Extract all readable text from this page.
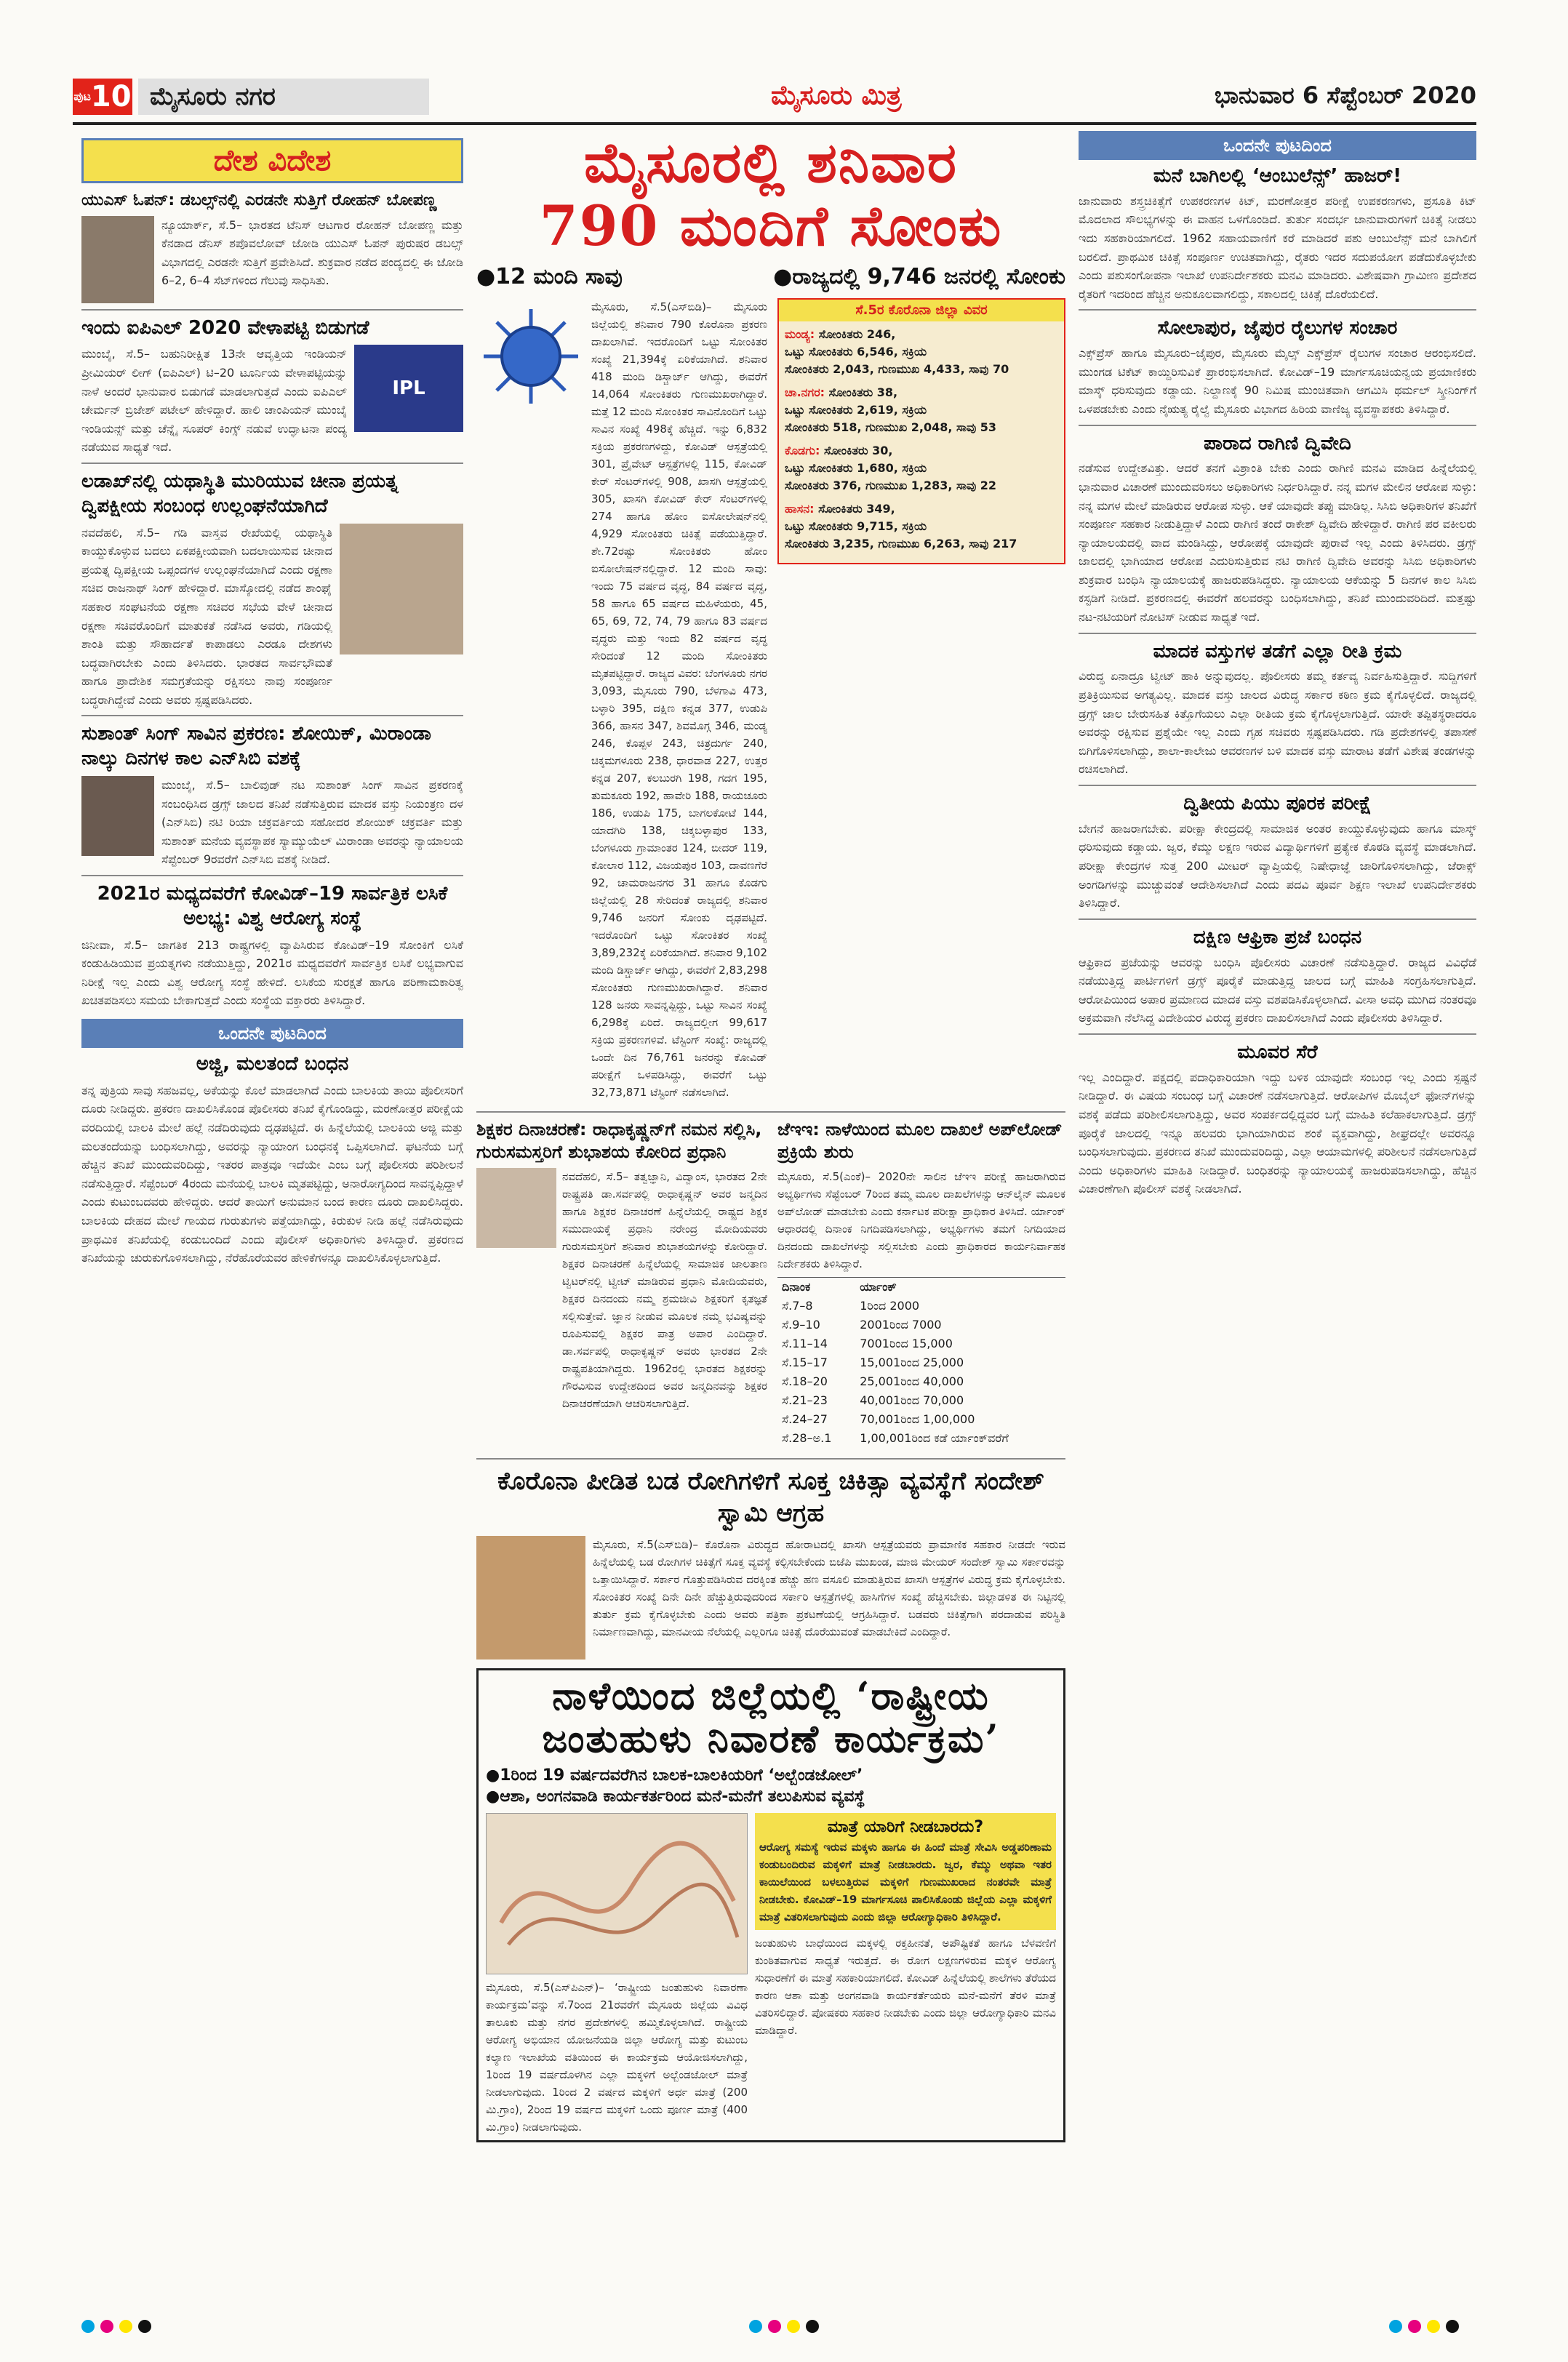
$^{ಪುಟ}$10 ಮೈಸೂರು ನಗರ	ಮೈಸೂರು ಮಿತ್ರ	ಭಾನುವಾರ 6 ಸೆಪ್ಟೆಂಬರ್ 2020
ದೇಶ ವಿದೇಶ
ಯುಎಸ್ ಓಪನ್: ಡಬಲ್ಸ್‌ನಲ್ಲಿ ಎರಡನೇ ಸುತ್ತಿಗೆ ರೋಹನ್ ಬೋಪಣ್ಣ
ನ್ಯೂಯಾರ್ಕ್, ಸೆ.5– ಭಾರತದ ಟೆನಿಸ್ ಆಟಗಾರ ರೋಹನ್ ಬೋಪಣ್ಣ ಮತ್ತು ಕೆನಡಾದ ಡೆನಿಸ್ ಶಪೊವಲೋವ್ ಜೋಡಿ ಯುಎಸ್ ಓಪನ್ ಪುರುಷರ ಡಬಲ್ಸ್ ವಿಭಾಗದಲ್ಲಿ ಎರಡನೇ ಸುತ್ತಿಗೆ ಪ್ರವೇಶಿಸಿದೆ. ಶುಕ್ರವಾರ ನಡೆದ ಪಂದ್ಯದಲ್ಲಿ ಈ ಜೋಡಿ 6–2, 6–4 ಸೆಟ್‌ಗಳಿಂದ ಗೆಲುವು ಸಾಧಿಸಿತು.
ಇಂದು ಐಪಿಎಲ್ 2020 ವೇಳಾಪಟ್ಟಿ ಬಿಡುಗಡೆ
ಮುಂಬೈ, ಸೆ.5– ಬಹುನಿರೀಕ್ಷಿತ 13ನೇ ಆವೃತ್ತಿಯ ಇಂಡಿಯನ್ ಪ್ರೀಮಿಯರ್ ಲೀಗ್ (ಐಪಿಎಲ್) ಟಿ–20 ಟೂರ್ನಿಯ ವೇಳಾಪಟ್ಟಿಯನ್ನು ನಾಳೆ ಅಂದರೆ ಭಾನುವಾರ ಬಿಡುಗಡೆ ಮಾಡಲಾಗುತ್ತದೆ ಎಂದು ಐಪಿಎಲ್ ಚೇರ್ಮನ್ ಬ್ರಿಜೇಶ್ ಪಟೇಲ್ ಹೇಳಿದ್ದಾರೆ. ಹಾಲಿ ಚಾಂಪಿಯನ್ ಮುಂಬೈ ಇಂಡಿಯನ್ಸ್ ಮತ್ತು ಚೆನ್ನೈ ಸೂಪರ್ ಕಿಂಗ್ಸ್ ನಡುವೆ ಉದ್ಘಾಟನಾ ಪಂದ್ಯ ನಡೆಯುವ ಸಾಧ್ಯತೆ ಇದೆ.
IPL
ಲಡಾಖ್‌ನಲ್ಲಿ ಯಥಾಸ್ಥಿತಿ ಮುರಿಯುವ ಚೀನಾ ಪ್ರಯತ್ನ ದ್ವಿಪಕ್ಷೀಯ ಸಂಬಂಧ ಉಲ್ಲಂಘನೆಯಾಗಿದೆ
ನವದೆಹಲಿ, ಸೆ.5– ಗಡಿ ವಾಸ್ತವ ರೇಖೆಯಲ್ಲಿ ಯಥಾಸ್ಥಿತಿ ಕಾಯ್ದುಕೊಳ್ಳುವ ಬದಲು ಏಕಪಕ್ಷೀಯವಾಗಿ ಬದಲಾಯಿಸುವ ಚೀನಾದ ಪ್ರಯತ್ನ ದ್ವಿಪಕ್ಷೀಯ ಒಪ್ಪಂದಗಳ ಉಲ್ಲಂಘನೆಯಾಗಿದೆ ಎಂದು ರಕ್ಷಣಾ ಸಚಿವ ರಾಜನಾಥ್ ಸಿಂಗ್ ಹೇಳಿದ್ದಾರೆ. ಮಾಸ್ಕೋದಲ್ಲಿ ನಡೆದ ಶಾಂಘೈ ಸಹಕಾರ ಸಂಘಟನೆಯ ರಕ್ಷಣಾ ಸಚಿವರ ಸಭೆಯ ವೇಳೆ ಚೀನಾದ ರಕ್ಷಣಾ ಸಚಿವರೊಂದಿಗೆ ಮಾತುಕತೆ ನಡೆಸಿದ ಅವರು, ಗಡಿಯಲ್ಲಿ ಶಾಂತಿ ಮತ್ತು ಸೌಹಾರ್ದತೆ ಕಾಪಾಡಲು ಎರಡೂ ದೇಶಗಳು ಬದ್ಧವಾಗಿರಬೇಕು ಎಂದು ತಿಳಿಸಿದರು. ಭಾರತದ ಸಾರ್ವಭೌಮತೆ ಹಾಗೂ ಪ್ರಾದೇಶಿಕ ಸಮಗ್ರತೆಯನ್ನು ರಕ್ಷಿಸಲು ನಾವು ಸಂಪೂರ್ಣ ಬದ್ಧರಾಗಿದ್ದೇವೆ ಎಂದು ಅವರು ಸ್ಪಷ್ಟಪಡಿಸಿದರು.
ಸುಶಾಂತ್ ಸಿಂಗ್ ಸಾವಿನ ಪ್ರಕರಣ: ಶೋಯಿಕ್, ಮಿರಾಂಡಾ ನಾಲ್ಕು ದಿನಗಳ ಕಾಲ ಎನ್‌ಸಿಬಿ ವಶಕ್ಕೆ
ಮುಂಬೈ, ಸೆ.5– ಬಾಲಿವುಡ್ ನಟ ಸುಶಾಂತ್ ಸಿಂಗ್ ಸಾವಿನ ಪ್ರಕರಣಕ್ಕೆ ಸಂಬಂಧಿಸಿದ ಡ್ರಗ್ಸ್ ಜಾಲದ ತನಿಖೆ ನಡೆಸುತ್ತಿರುವ ಮಾದಕ ವಸ್ತು ನಿಯಂತ್ರಣ ದಳ (ಎನ್‌ಸಿಬಿ) ನಟಿ ರಿಯಾ ಚಕ್ರವರ್ತಿಯ ಸಹೋದರ ಶೋಯಿಕ್ ಚಕ್ರವರ್ತಿ ಮತ್ತು ಸುಶಾಂತ್ ಮನೆಯ ವ್ಯವಸ್ಥಾಪಕ ಸ್ಯಾಮ್ಯುಯೆಲ್ ಮಿರಾಂಡಾ ಅವರನ್ನು ನ್ಯಾಯಾಲಯ ಸೆಪ್ಟೆಂಬರ್ 9ರವರೆಗೆ ಎನ್‌ಸಿಬಿ ವಶಕ್ಕೆ ನೀಡಿದೆ.
2021ರ ಮಧ್ಯದವರೆಗೆ ಕೋವಿಡ್–19 ಸಾರ್ವತ್ರಿಕ ಲಸಿಕೆ ಅಲಭ್ಯ: ವಿಶ್ವ ಆರೋಗ್ಯ ಸಂಸ್ಥೆ
ಜಿನೀವಾ, ಸೆ.5– ಜಾಗತಿಕ 213 ರಾಷ್ಟ್ರಗಳಲ್ಲಿ ವ್ಯಾಪಿಸಿರುವ ಕೋವಿಡ್–19 ಸೋಂಕಿಗೆ ಲಸಿಕೆ ಕಂಡುಹಿಡಿಯುವ ಪ್ರಯತ್ನಗಳು ನಡೆಯುತ್ತಿದ್ದು, 2021ರ ಮಧ್ಯದವರೆಗೆ ಸಾರ್ವತ್ರಿಕ ಲಸಿಕೆ ಲಭ್ಯವಾಗುವ ನಿರೀಕ್ಷೆ ಇಲ್ಲ ಎಂದು ವಿಶ್ವ ಆರೋಗ್ಯ ಸಂಸ್ಥೆ ಹೇಳಿದೆ. ಲಸಿಕೆಯ ಸುರಕ್ಷತೆ ಹಾಗೂ ಪರಿಣಾಮಕಾರಿತ್ವ ಖಚಿತಪಡಿಸಲು ಸಮಯ ಬೇಕಾಗುತ್ತದೆ ಎಂದು ಸಂಸ್ಥೆಯ ವಕ್ತಾರರು ತಿಳಿಸಿದ್ದಾರೆ.
ಒಂದನೇ ಪುಟದಿಂದ
ಅಜ್ಜಿ, ಮಲತಂದೆ ಬಂಧನ
ತನ್ನ ಪುತ್ರಿಯ ಸಾವು ಸಹಜವಲ್ಲ, ಅಕೆಯನ್ನು ಕೊಲೆ ಮಾಡಲಾಗಿದೆ ಎಂದು ಬಾಲಕಿಯ ತಾಯಿ ಪೊಲೀಸರಿಗೆ ದೂರು ನೀಡಿದ್ದರು. ಪ್ರಕರಣ ದಾಖಲಿಸಿಕೊಂಡ ಪೊಲೀಸರು ತನಿಖೆ ಕೈಗೊಂಡಿದ್ದು, ಮರಣೋತ್ತರ ಪರೀಕ್ಷೆಯ ವರದಿಯಲ್ಲಿ ಬಾಲಕಿ ಮೇಲೆ ಹಲ್ಲೆ ನಡೆದಿರುವುದು ದೃಢಪಟ್ಟಿದೆ. ಈ ಹಿನ್ನೆಲೆಯಲ್ಲಿ ಬಾಲಕಿಯ ಅಜ್ಜಿ ಮತ್ತು ಮಲತಂದೆಯನ್ನು ಬಂಧಿಸಲಾಗಿದ್ದು, ಅವರನ್ನು ನ್ಯಾಯಾಂಗ ಬಂಧನಕ್ಕೆ ಒಪ್ಪಿಸಲಾಗಿದೆ. ಘಟನೆಯ ಬಗ್ಗೆ ಹೆಚ್ಚಿನ ತನಿಖೆ ಮುಂದುವರಿದಿದ್ದು, ಇತರರ ಪಾತ್ರವೂ ಇದೆಯೇ ಎಂಬ ಬಗ್ಗೆ ಪೊಲೀಸರು ಪರಿಶೀಲನೆ ನಡೆಸುತ್ತಿದ್ದಾರೆ. ಸೆಪ್ಟೆಂಬರ್ 4ರಂದು ಮನೆಯಲ್ಲಿ ಬಾಲಕಿ ಮೃತಪಟ್ಟಿದ್ದು, ಅನಾರೋಗ್ಯದಿಂದ ಸಾವನ್ನಪ್ಪಿದ್ದಾಳೆ ಎಂದು ಕುಟುಂಬದವರು ಹೇಳಿದ್ದರು. ಆದರೆ ತಾಯಿಗೆ ಅನುಮಾನ ಬಂದ ಕಾರಣ ದೂರು ದಾಖಲಿಸಿದ್ದರು. ಬಾಲಕಿಯ ದೇಹದ ಮೇಲೆ ಗಾಯದ ಗುರುತುಗಳು ಪತ್ತೆಯಾಗಿದ್ದು, ಕಿರುಕುಳ ನೀಡಿ ಹಲ್ಲೆ ನಡೆಸಿರುವುದು ಪ್ರಾಥಮಿಕ ತನಿಖೆಯಲ್ಲಿ ಕಂಡುಬಂದಿದೆ ಎಂದು ಪೊಲೀಸ್ ಅಧಿಕಾರಿಗಳು ತಿಳಿಸಿದ್ದಾರೆ. ಪ್ರಕರಣದ ತನಿಖೆಯನ್ನು ಚುರುಕುಗೊಳಿಸಲಾಗಿದ್ದು, ನೆರೆಹೊರೆಯವರ ಹೇಳಿಕೆಗಳನ್ನೂ ದಾಖಲಿಸಿಕೊಳ್ಳಲಾಗುತ್ತಿದೆ.
ಮೈಸೂರಲ್ಲಿ ಶನಿವಾರ
790 ಮಂದಿಗೆ ಸೋಂಕು
●12 ಮಂದಿ ಸಾವು	●ರಾಜ್ಯದಲ್ಲಿ 9,746 ಜನರಲ್ಲಿ ಸೋಂಕು
ಮೈಸೂರು, ಸೆ.5(ಎಸ್‌ಬಿಡಿ)– ಮೈಸೂರು ಜಿಲ್ಲೆಯಲ್ಲಿ ಶನಿವಾರ 790 ಕೊರೊನಾ ಪ್ರಕರಣ ದಾಖಲಾಗಿವೆ. ಇದರೊಂದಿಗೆ ಒಟ್ಟು ಸೋಂಕಿತರ ಸಂಖ್ಯೆ 21,394ಕ್ಕೆ ಏರಿಕೆಯಾಗಿದೆ. ಶನಿವಾರ 418 ಮಂದಿ ಡಿಸ್ಚಾರ್ಜ್ ಆಗಿದ್ದು, ಈವರೆಗೆ 14,064 ಸೋಂಕಿತರು ಗುಣಮುಖರಾಗಿದ್ದಾರೆ. ಮತ್ತೆ 12 ಮಂದಿ ಸೋಂಕಿತರ ಸಾವಿನೊಂದಿಗೆ ಒಟ್ಟು ಸಾವಿನ ಸಂಖ್ಯೆ 498ಕ್ಕೆ ಹೆಚ್ಚಿದೆ. ಇನ್ನು 6,832 ಸಕ್ರಿಯ ಪ್ರಕರಣಗಳಿದ್ದು, ಕೋವಿಡ್ ಆಸ್ಪತ್ರೆಯಲ್ಲಿ 301, ಪ್ರೈವೇಟ್ ಆಸ್ಪತ್ರೆಗಳಲ್ಲಿ 115, ಕೋವಿಡ್ ಕೇರ್ ಸೆಂಟರ್‌ಗಳಲ್ಲಿ 908, ಖಾಸಗಿ ಆಸ್ಪತ್ರೆಯಲ್ಲಿ 305, ಖಾಸಗಿ ಕೋವಿಡ್ ಕೇರ್ ಸೆಂಟರ್‌ಗಳಲ್ಲಿ 274 ಹಾಗೂ ಹೋಂ ಐಸೋಲೇಷನ್‌ನಲ್ಲಿ 4,929 ಸೋಂಕಿತರು ಚಿಕಿತ್ಸೆ ಪಡೆಯುತ್ತಿದ್ದಾರೆ. ಶೇ.72ರಷ್ಟು ಸೋಂಕಿತರು ಹೋಂ ಐಸೋಲೇಷನ್‌ನಲ್ಲಿದ್ದಾರೆ. 12 ಮಂದಿ ಸಾವು: ಇಂದು 75 ವರ್ಷದ ವೃದ್ಧ, 84 ವರ್ಷದ ವೃದ್ಧ, 58 ಹಾಗೂ 65 ವರ್ಷದ ಮಹಿಳೆಯರು, 45, 65, 69, 72, 74, 79 ಹಾಗೂ 83 ವರ್ಷದ ವೃದ್ಧರು ಮತ್ತು ಇಂದು 82 ವರ್ಷದ ವೃದ್ಧ ಸೇರಿದಂತೆ 12 ಮಂದಿ ಸೋಂಕಿತರು ಮೃತಪಟ್ಟಿದ್ದಾರೆ. ರಾಜ್ಯದ ವಿವರ: ಬೆಂಗಳೂರು ನಗರ 3,093, ಮೈಸೂರು 790, ಬೆಳಗಾವಿ 473, ಬಳ್ಳಾರಿ 395, ದಕ್ಷಿಣ ಕನ್ನಡ 377, ಉಡುಪಿ 366, ಹಾಸನ 347, ಶಿವಮೊಗ್ಗ 346, ಮಂಡ್ಯ 246, ಕೊಪ್ಪಳ 243, ಚಿತ್ರದುರ್ಗ 240, ಚಿಕ್ಕಮಗಳೂರು 238, ಧಾರವಾಡ 227, ಉತ್ತರ ಕನ್ನಡ 207, ಕಲಬುರಗಿ 198, ಗದಗ 195, ತುಮಕೂರು 192, ಹಾವೇರಿ 188, ರಾಯಚೂರು 186, ಉಡುಪಿ 175, ಬಾಗಲಕೋಟೆ 144, ಯಾದಗಿರಿ 138, ಚಿಕ್ಕಬಳ್ಳಾಪುರ 133, ಬೆಂಗಳೂರು ಗ್ರಾಮಾಂತರ 124, ಬೀದರ್ 119, ಕೋಲಾರ 112, ವಿಜಯಪುರ 103, ದಾವಣಗೆರೆ 92, ಚಾಮರಾಜನಗರ 31 ಹಾಗೂ ಕೊಡಗು ಜಿಲ್ಲೆಯಲ್ಲಿ 28 ಸೇರಿದಂತೆ ರಾಜ್ಯದಲ್ಲಿ ಶನಿವಾರ 9,746 ಜನರಿಗೆ ಸೋಂಕು ದೃಢಪಟ್ಟಿದೆ. ಇದರೊಂದಿಗೆ ಒಟ್ಟು ಸೋಂಕಿತರ ಸಂಖ್ಯೆ 3,89,232ಕ್ಕೆ ಏರಿಕೆಯಾಗಿದೆ. ಶನಿವಾರ 9,102 ಮಂದಿ ಡಿಸ್ಚಾರ್ಜ್ ಆಗಿದ್ದು, ಈವರೆಗೆ 2,83,298 ಸೋಂಕಿತರು ಗುಣಮುಖರಾಗಿದ್ದಾರೆ. ಶನಿವಾರ 128 ಜನರು ಸಾವನ್ನಪ್ಪಿದ್ದು, ಒಟ್ಟು ಸಾವಿನ ಸಂಖ್ಯೆ 6,298ಕ್ಕೆ ಏರಿದೆ. ರಾಜ್ಯದಲ್ಲೀಗ 99,617 ಸಕ್ರಿಯ ಪ್ರಕರಣಗಳಿವೆ. ಟೆಸ್ಟಿಂಗ್ ಸಂಖ್ಯೆ: ರಾಜ್ಯದಲ್ಲಿ ಒಂದೇ ದಿನ 76,761 ಜನರನ್ನು ಕೋವಿಡ್ ಪರೀಕ್ಷೆಗೆ ಒಳಪಡಿಸಿದ್ದು, ಈವರೆಗೆ ಒಟ್ಟು 32,73,871 ಟೆಸ್ಟಿಂಗ್ ನಡೆಸಲಾಗಿದೆ.
ಸೆ.5ರ ಕೊರೊನಾ ಜಿಲ್ಲಾ ವಿವರ
ಮಂಡ್ಯ: ಸೋಂಕಿತರು 246,
ಒಟ್ಟು ಸೋಂಕಿತರು 6,546, ಸಕ್ರಿಯ
ಸೋಂಕಿತರು 2,043, ಗುಣಮುಖ 4,433, ಸಾವು 70
ಚಾ.ನಗರ: ಸೋಂಕಿತರು 38,
ಒಟ್ಟು ಸೋಂಕಿತರು 2,619, ಸಕ್ರಿಯ
ಸೋಂಕಿತರು 518, ಗುಣಮುಖ 2,048, ಸಾವು 53
ಕೊಡಗು: ಸೋಂಕಿತರು 30,
ಒಟ್ಟು ಸೋಂಕಿತರು 1,680, ಸಕ್ರಿಯ
ಸೋಂಕಿತರು 376, ಗುಣಮುಖ 1,283, ಸಾವು 22
ಹಾಸನ: ಸೋಂಕಿತರು 349,
ಒಟ್ಟು ಸೋಂಕಿತರು 9,715, ಸಕ್ರಿಯ
ಸೋಂಕಿತರು 3,235, ಗುಣಮುಖ 6,263, ಸಾವು 217
ಶಿಕ್ಷಕರ ದಿನಾಚರಣೆ: ರಾಧಾಕೃಷ್ಣನ್‌ಗೆ ನಮನ ಸಲ್ಲಿಸಿ, ಗುರುಸಮಸ್ತರಿಗೆ ಶುಭಾಶಯ ಕೋರಿದ ಪ್ರಧಾನಿ
ನವದೆಹಲಿ, ಸೆ.5– ತತ್ವಜ್ಞಾನಿ, ವಿದ್ವಾಂಸ, ಭಾರತದ 2ನೇ ರಾಷ್ಟ್ರಪತಿ ಡಾ.ಸರ್ವಪಲ್ಲಿ ರಾಧಾಕೃಷ್ಣನ್ ಅವರ ಜನ್ಮದಿನ ಹಾಗೂ ಶಿಕ್ಷಕರ ದಿನಾಚರಣೆ ಹಿನ್ನೆಲೆಯಲ್ಲಿ ರಾಷ್ಟ್ರದ ಶಿಕ್ಷಕ ಸಮುದಾಯಕ್ಕೆ ಪ್ರಧಾನಿ ನರೇಂದ್ರ ಮೋದಿಯವರು ಗುರುಸಮಸ್ತರಿಗೆ ಶನಿವಾರ ಶುಭಾಶಯಗಳನ್ನು ಕೋರಿದ್ದಾರೆ. ಶಿಕ್ಷಕರ ದಿನಾಚರಣೆ ಹಿನ್ನೆಲೆಯಲ್ಲಿ ಸಾಮಾಜಿಕ ಜಾಲತಾಣ ಟ್ವಿಟರ್‌ನಲ್ಲಿ ಟ್ವೀಟ್ ಮಾಡಿರುವ ಪ್ರಧಾನಿ ಮೋದಿಯವರು, ಶಿಕ್ಷಕರ ದಿನದಂದು ನಮ್ಮ ಶ್ರಮಜೀವಿ ಶಿಕ್ಷಕರಿಗೆ ಕೃತಜ್ಞತೆ ಸಲ್ಲಿಸುತ್ತೇವೆ. ಜ್ಞಾನ ನೀಡುವ ಮೂಲಕ ನಮ್ಮ ಭವಿಷ್ಯವನ್ನು ರೂಪಿಸುವಲ್ಲಿ ಶಿಕ್ಷಕರ ಪಾತ್ರ ಅಪಾರ ಎಂದಿದ್ದಾರೆ. ಡಾ.ಸರ್ವಪಲ್ಲಿ ರಾಧಾಕೃಷ್ಣನ್ ಅವರು ಭಾರತದ 2ನೇ ರಾಷ್ಟ್ರಪತಿಯಾಗಿದ್ದರು. 1962ರಲ್ಲಿ ಭಾರತದ ಶಿಕ್ಷಕರನ್ನು ಗೌರವಿಸುವ ಉದ್ದೇಶದಿಂದ ಅವರ ಜನ್ಮದಿನವನ್ನು ಶಿಕ್ಷಕರ ದಿನಾಚರಣೆಯಾಗಿ ಆಚರಿಸಲಾಗುತ್ತಿದೆ.
ಜೆಇಇ: ನಾಳೆಯಿಂದ ಮೂಲ ದಾಖಲೆ ಅಪ್‌ಲೋಡ್ ಪ್ರಕ್ರಿಯೆ ಶುರು
ಮೈಸೂರು, ಸೆ.5(ಎಂಕೆ)– 2020ನೇ ಸಾಲಿನ ಜೆಇಇ ಪರೀಕ್ಷೆ ಹಾಜರಾಗಿರುವ ಅಭ್ಯರ್ಥಿಗಳು ಸೆಪ್ಟೆಂಬರ್ 7ರಿಂದ ತಮ್ಮ ಮೂಲ ದಾಖಲೆಗಳನ್ನು ಆನ್‌ಲೈನ್ ಮೂಲಕ ಅಪ್‌ಲೋಡ್ ಮಾಡಬೇಕು ಎಂದು ಕರ್ನಾಟಕ ಪರೀಕ್ಷಾ ಪ್ರಾಧಿಕಾರ ತಿಳಿಸಿದೆ. ರ್ಯಾಂಕ್ ಆಧಾರದಲ್ಲಿ ದಿನಾಂಕ ನಿಗದಿಪಡಿಸಲಾಗಿದ್ದು, ಅಭ್ಯರ್ಥಿಗಳು ತಮಗೆ ನಿಗದಿಯಾದ ದಿನದಂದು ದಾಖಲೆಗಳನ್ನು ಸಲ್ಲಿಸಬೇಕು ಎಂದು ಪ್ರಾಧಿಕಾರದ ಕಾರ್ಯನಿರ್ವಾಹಕ ನಿರ್ದೇಶಕರು ತಿಳಿಸಿದ್ದಾರೆ.
ದಿನಾಂಕ	ರ್ಯಾಂಕ್
ಸೆ.7–8	1ರಿಂದ 2000
ಸೆ.9–10	2001ರಿಂದ 7000
ಸೆ.11–14	7001ರಿಂದ 15,000
ಸೆ.15–17	15,001ರಿಂದ 25,000
ಸೆ.18–20	25,001ರಿಂದ 40,000
ಸೆ.21–23	40,001ರಿಂದ 70,000
ಸೆ.24–27	70,001ರಿಂದ 1,00,000
ಸೆ.28–ಅ.1	1,00,001ರಿಂದ ಕಡೆ ರ್ಯಾಂಕ್‌ವರೆಗೆ
ಕೊರೊನಾ ಪೀಡಿತ ಬಡ ರೋಗಿಗಳಿಗೆ ಸೂಕ್ತ ಚಿಕಿತ್ಸಾ ವ್ಯವಸ್ಥೆಗೆ ಸಂದೇಶ್ ಸ್ವಾಮಿ ಆಗ್ರಹ
ಮೈಸೂರು, ಸೆ.5(ಎಸ್‌ಬಿಡಿ)– ಕೊರೊನಾ ವಿರುದ್ಧದ ಹೋರಾಟದಲ್ಲಿ ಖಾಸಗಿ ಆಸ್ಪತ್ರೆಯವರು ಪ್ರಾಮಾಣಿಕ ಸಹಕಾರ ನೀಡದೇ ಇರುವ ಹಿನ್ನೆಲೆಯಲ್ಲಿ ಬಡ ರೋಗಿಗಳ ಚಿಕಿತ್ಸೆಗೆ ಸೂಕ್ತ ವ್ಯವಸ್ಥೆ ಕಲ್ಪಿಸಬೇಕೆಂದು ಬಿಜೆಪಿ ಮುಖಂಡ, ಮಾಜಿ ಮೇಯರ್ ಸಂದೇಶ್ ಸ್ವಾಮಿ ಸರ್ಕಾರವನ್ನು ಒತ್ತಾಯಿಸಿದ್ದಾರೆ. ಸರ್ಕಾರ ಗೊತ್ತುಪಡಿಸಿರುವ ದರಕ್ಕಿಂತ ಹೆಚ್ಚು ಹಣ ವಸೂಲಿ ಮಾಡುತ್ತಿರುವ ಖಾಸಗಿ ಆಸ್ಪತ್ರೆಗಳ ವಿರುದ್ಧ ಕ್ರಮ ಕೈಗೊಳ್ಳಬೇಕು. ಸೋಂಕಿತರ ಸಂಖ್ಯೆ ದಿನೇ ದಿನೇ ಹೆಚ್ಚುತ್ತಿರುವುದರಿಂದ ಸರ್ಕಾರಿ ಆಸ್ಪತ್ರೆಗಳಲ್ಲಿ ಹಾಸಿಗೆಗಳ ಸಂಖ್ಯೆ ಹೆಚ್ಚಿಸಬೇಕು. ಜಿಲ್ಲಾಡಳಿತ ಈ ನಿಟ್ಟಿನಲ್ಲಿ ತುರ್ತು ಕ್ರಮ ಕೈಗೊಳ್ಳಬೇಕು ಎಂದು ಅವರು ಪತ್ರಿಕಾ ಪ್ರಕಟಣೆಯಲ್ಲಿ ಆಗ್ರಹಿಸಿದ್ದಾರೆ. ಬಡವರು ಚಿಕಿತ್ಸೆಗಾಗಿ ಪರದಾಡುವ ಪರಿಸ್ಥಿತಿ ನಿರ್ಮಾಣವಾಗಿದ್ದು, ಮಾನವೀಯ ನೆಲೆಯಲ್ಲಿ ಎಲ್ಲರಿಗೂ ಚಿಕಿತ್ಸೆ ದೊರೆಯುವಂತೆ ಮಾಡಬೇಕಿದೆ ಎಂದಿದ್ದಾರೆ.
ನಾಳೆಯಿಂದ ಜಿಲ್ಲೆಯಲ್ಲಿ ‘ರಾಷ್ಟ್ರೀಯ ಜಂತುಹುಳು ನಿವಾರಣೆ ಕಾರ್ಯಕ್ರಮ’
●1ರಿಂದ 19 ವರ್ಷದವರೆಗಿನ ಬಾಲಕ-ಬಾಲಕಿಯರಿಗೆ ‘ಅಲ್ಬೆಂಡಜೋಲ್’
●ಆಶಾ, ಅಂಗನವಾಡಿ ಕಾರ್ಯಕರ್ತರಿಂದ ಮನೆ-ಮನೆಗೆ ತಲುಪಿಸುವ ವ್ಯವಸ್ಥೆ
ಮೈಸೂರು, ಸೆ.5(ಎಸ್‌ಪಿಎನ್)– ‘ರಾಷ್ಟ್ರೀಯ ಜಂತುಹುಳು ನಿವಾರಣಾ ಕಾರ್ಯಕ್ರಮ’ವನ್ನು ಸೆ.7ರಿಂದ 21ರವರೆಗೆ ಮೈಸೂರು ಜಿಲ್ಲೆಯ ವಿವಿಧ ತಾಲೂಕು ಮತ್ತು ನಗರ ಪ್ರದೇಶಗಳಲ್ಲಿ ಹಮ್ಮಿಕೊಳ್ಳಲಾಗಿದೆ. ರಾಷ್ಟ್ರೀಯ ಆರೋಗ್ಯ ಅಭಿಯಾನ ಯೋಜನೆಯಡಿ ಜಿಲ್ಲಾ ಆರೋಗ್ಯ ಮತ್ತು ಕುಟುಂಬ ಕಲ್ಯಾಣ ಇಲಾಖೆಯ ವತಿಯಿಂದ ಈ ಕಾರ್ಯಕ್ರಮ ಆಯೋಜಿಸಲಾಗಿದ್ದು, 1ರಿಂದ 19 ವರ್ಷದೊಳಗಿನ ಎಲ್ಲಾ ಮಕ್ಕಳಿಗೆ ಅಲ್ಬೆಂಡಜೋಲ್ ಮಾತ್ರೆ ನೀಡಲಾಗುವುದು. 1ರಿಂದ 2 ವರ್ಷದ ಮಕ್ಕಳಿಗೆ ಅರ್ಧ ಮಾತ್ರೆ (200 ಮಿ.ಗ್ರಾಂ), 2ರಿಂದ 19 ವರ್ಷದ ಮಕ್ಕಳಿಗೆ ಒಂದು ಪೂರ್ಣ ಮಾತ್ರೆ (400 ಮಿ.ಗ್ರಾಂ) ನೀಡಲಾಗುವುದು.
ಮಾತ್ರೆ ಯಾರಿಗೆ ನೀಡಬಾರದು?
ಆರೋಗ್ಯ ಸಮಸ್ಯೆ ಇರುವ ಮಕ್ಕಳು ಹಾಗೂ ಈ ಹಿಂದೆ ಮಾತ್ರೆ ಸೇವಿಸಿ ಅಡ್ಡಪರಿಣಾಮ ಕಂಡುಬಂದಿರುವ ಮಕ್ಕಳಿಗೆ ಮಾತ್ರೆ ನೀಡಬಾರದು. ಜ್ವರ, ಕೆಮ್ಮು ಅಥವಾ ಇತರ ಕಾಯಿಲೆಯಿಂದ ಬಳಲುತ್ತಿರುವ ಮಕ್ಕಳಿಗೆ ಗುಣಮುಖರಾದ ನಂತರವೇ ಮಾತ್ರೆ ನೀಡಬೇಕು. ಕೋವಿಡ್–19 ಮಾರ್ಗಸೂಚಿ ಪಾಲಿಸಿಕೊಂಡು ಜಿಲ್ಲೆಯ ಎಲ್ಲಾ ಮಕ್ಕಳಿಗೆ ಮಾತ್ರೆ ವಿತರಿಸಲಾಗುವುದು ಎಂದು ಜಿಲ್ಲಾ ಆರೋಗ್ಯಾಧಿಕಾರಿ ತಿಳಿಸಿದ್ದಾರೆ.
ಜಂತುಹುಳು ಬಾಧೆಯಿಂದ ಮಕ್ಕಳಲ್ಲಿ ರಕ್ತಹೀನತೆ, ಅಪೌಷ್ಟಿಕತೆ ಹಾಗೂ ಬೆಳವಣಿಗೆ ಕುಂಠಿತವಾಗುವ ಸಾಧ್ಯತೆ ಇರುತ್ತದೆ. ಈ ರೋಗ ಲಕ್ಷಣಗಳಿರುವ ಮಕ್ಕಳ ಆರೋಗ್ಯ ಸುಧಾರಣೆಗೆ ಈ ಮಾತ್ರೆ ಸಹಕಾರಿಯಾಗಲಿದೆ. ಕೋವಿಡ್ ಹಿನ್ನೆಲೆಯಲ್ಲಿ ಶಾಲೆಗಳು ತೆರೆಯದ ಕಾರಣ ಆಶಾ ಮತ್ತು ಅಂಗನವಾಡಿ ಕಾರ್ಯಕರ್ತೆಯರು ಮನೆ-ಮನೆಗೆ ತೆರಳಿ ಮಾತ್ರೆ ವಿತರಿಸಲಿದ್ದಾರೆ. ಪೋಷಕರು ಸಹಕಾರ ನೀಡಬೇಕು ಎಂದು ಜಿಲ್ಲಾ ಆರೋಗ್ಯಾಧಿಕಾರಿ ಮನವಿ ಮಾಡಿದ್ದಾರೆ.
ಒಂದನೇ ಪುಟದಿಂದ
ಮನೆ ಬಾಗಿಲಲ್ಲಿ ‘ಆಂಬುಲೆನ್ಸ್’ ಹಾಜರ್!
ಜಾನುವಾರು ಶಸ್ತ್ರಚಿಕಿತ್ಸೆಗೆ ಉಪಕರಣಗಳ ಕಿಟ್, ಮರಣೋತ್ತರ ಪರೀಕ್ಷೆ ಉಪಕರಣಗಳು, ಪ್ರಸೂತಿ ಕಿಟ್ ಮೊದಲಾದ ಸೌಲಭ್ಯಗಳನ್ನು ಈ ವಾಹನ ಒಳಗೊಂಡಿದೆ. ತುರ್ತು ಸಂದರ್ಭ ಜಾನುವಾರುಗಳಿಗೆ ಚಿಕಿತ್ಸೆ ನೀಡಲು ಇದು ಸಹಕಾರಿಯಾಗಲಿದೆ. 1962 ಸಹಾಯವಾಣಿಗೆ ಕರೆ ಮಾಡಿದರೆ ಪಶು ಆಂಬುಲೆನ್ಸ್ ಮನೆ ಬಾಗಿಲಿಗೆ ಬರಲಿದೆ. ಪ್ರಾಥಮಿಕ ಚಿಕಿತ್ಸೆ ಸಂಪೂರ್ಣ ಉಚಿತವಾಗಿದ್ದು, ರೈತರು ಇದರ ಸದುಪಯೋಗ ಪಡೆದುಕೊಳ್ಳಬೇಕು ಎಂದು ಪಶುಸಂಗೋಪನಾ ಇಲಾಖೆ ಉಪನಿರ್ದೇಶಕರು ಮನವಿ ಮಾಡಿದರು. ವಿಶೇಷವಾಗಿ ಗ್ರಾಮೀಣ ಪ್ರದೇಶದ ರೈತರಿಗೆ ಇದರಿಂದ ಹೆಚ್ಚಿನ ಅನುಕೂಲವಾಗಲಿದ್ದು, ಸಕಾಲದಲ್ಲಿ ಚಿಕಿತ್ಸೆ ದೊರೆಯಲಿದೆ.
ಸೋಲಾಪುರ, ಜೈಪುರ ರೈಲುಗಳ ಸಂಚಾರ
ಎಕ್ಸ್‌ಪ್ರೆಸ್ ಹಾಗೂ ಮೈಸೂರು–ಜೈಪುರ, ಮೈಸೂರು ಮೈಲ್ಸ್ ಎಕ್ಸ್‌ಪ್ರೆಸ್ ರೈಲುಗಳ ಸಂಚಾರ ಆರಂಭಿಸಲಿದೆ. ಮುಂಗಡ ಟಿಕೆಟ್ ಕಾಯ್ದಿರಿಸುವಿಕೆ ಪ್ರಾರಂಭಿಸಲಾಗಿದೆ. ಕೋವಿಡ್–19 ಮಾರ್ಗಸೂಚಿಯನ್ವಯ ಪ್ರಯಾಣಿಕರು ಮಾಸ್ಕ್ ಧರಿಸುವುದು ಕಡ್ಡಾಯ. ನಿಲ್ದಾಣಕ್ಕೆ 90 ನಿಮಿಷ ಮುಂಚಿತವಾಗಿ ಆಗಮಿಸಿ ಥರ್ಮಲ್ ಸ್ಕ್ರೀನಿಂಗ್‌ಗೆ ಒಳಪಡಬೇಕು ಎಂದು ನೈಋತ್ಯ ರೈಲ್ವೆ ಮೈಸೂರು ವಿಭಾಗದ ಹಿರಿಯ ವಾಣಿಜ್ಯ ವ್ಯವಸ್ಥಾಪಕರು ತಿಳಿಸಿದ್ದಾರೆ.
ಪಾರಾದ ರಾಗಿಣಿ ದ್ವಿವೇದಿ
ನಡೆಸುವ ಉದ್ದೇಶವಿತ್ತು. ಆದರೆ ತನಗೆ ವಿಶ್ರಾಂತಿ ಬೇಕು ಎಂದು ರಾಗಿಣಿ ಮನವಿ ಮಾಡಿದ ಹಿನ್ನೆಲೆಯಲ್ಲಿ ಭಾನುವಾರ ವಿಚಾರಣೆ ಮುಂದುವರಿಸಲು ಅಧಿಕಾರಿಗಳು ನಿರ್ಧರಿಸಿದ್ದಾರೆ. ನನ್ನ ಮಗಳ ಮೇಲಿನ ಆರೋಪ ಸುಳ್ಳು: ನನ್ನ ಮಗಳ ಮೇಲೆ ಮಾಡಿರುವ ಆರೋಪ ಸುಳ್ಳು. ಆಕೆ ಯಾವುದೇ ತಪ್ಪು ಮಾಡಿಲ್ಲ. ಸಿಸಿಬಿ ಅಧಿಕಾರಿಗಳ ತನಿಖೆಗೆ ಸಂಪೂರ್ಣ ಸಹಕಾರ ನೀಡುತ್ತಿದ್ದಾಳೆ ಎಂದು ರಾಗಿಣಿ ತಂದೆ ರಾಕೇಶ್ ದ್ವಿವೇದಿ ಹೇಳಿದ್ದಾರೆ. ರಾಗಿಣಿ ಪರ ವಕೀಲರು ನ್ಯಾಯಾಲಯದಲ್ಲಿ ವಾದ ಮಂಡಿಸಿದ್ದು, ಆರೋಪಕ್ಕೆ ಯಾವುದೇ ಪುರಾವೆ ಇಲ್ಲ ಎಂದು ತಿಳಿಸಿದರು. ಡ್ರಗ್ಸ್ ಜಾಲದಲ್ಲಿ ಭಾಗಿಯಾದ ಆರೋಪ ಎದುರಿಸುತ್ತಿರುವ ನಟಿ ರಾಗಿಣಿ ದ್ವಿವೇದಿ ಅವರನ್ನು ಸಿಸಿಬಿ ಅಧಿಕಾರಿಗಳು ಶುಕ್ರವಾರ ಬಂಧಿಸಿ ನ್ಯಾಯಾಲಯಕ್ಕೆ ಹಾಜರುಪಡಿಸಿದ್ದರು. ನ್ಯಾಯಾಲಯ ಆಕೆಯನ್ನು 5 ದಿನಗಳ ಕಾಲ ಸಿಸಿಬಿ ಕಸ್ಟಡಿಗೆ ನೀಡಿದೆ. ಪ್ರಕರಣದಲ್ಲಿ ಈವರೆಗೆ ಹಲವರನ್ನು ಬಂಧಿಸಲಾಗಿದ್ದು, ತನಿಖೆ ಮುಂದುವರಿದಿದೆ. ಮತ್ತಷ್ಟು ನಟ-ನಟಿಯರಿಗೆ ನೋಟಿಸ್ ನೀಡುವ ಸಾಧ್ಯತೆ ಇದೆ.
ಮಾದಕ ವಸ್ತುಗಳ ತಡೆಗೆ ಎಲ್ಲಾ ರೀತಿ ಕ್ರಮ
ವಿರುದ್ಧ ಏನಾದ್ರೂ ಟ್ವೀಟ್ ಹಾಕಿ ಅನ್ನುವುದಲ್ಲ. ಪೊಲೀಸರು ತಮ್ಮ ಕರ್ತವ್ಯ ನಿರ್ವಹಿಸುತ್ತಿದ್ದಾರೆ. ಸುದ್ದಿಗಳಿಗೆ ಪ್ರತಿಕ್ರಿಯಿಸುವ ಅಗತ್ಯವಿಲ್ಲ. ಮಾದಕ ವಸ್ತು ಜಾಲದ ವಿರುದ್ಧ ಸರ್ಕಾರ ಕಠಿಣ ಕ್ರಮ ಕೈಗೊಳ್ಳಲಿದೆ. ರಾಜ್ಯದಲ್ಲಿ ಡ್ರಗ್ಸ್ ಜಾಲ ಬೇರುಸಹಿತ ಕಿತ್ತೊಗೆಯಲು ಎಲ್ಲಾ ರೀತಿಯ ಕ್ರಮ ಕೈಗೊಳ್ಳಲಾಗುತ್ತಿದೆ. ಯಾರೇ ತಪ್ಪಿತಸ್ಥರಾದರೂ ಅವರನ್ನು ರಕ್ಷಿಸುವ ಪ್ರಶ್ನೆಯೇ ಇಲ್ಲ ಎಂದು ಗೃಹ ಸಚಿವರು ಸ್ಪಷ್ಟಪಡಿಸಿದರು. ಗಡಿ ಪ್ರದೇಶಗಳಲ್ಲಿ ತಪಾಸಣೆ ಬಿಗಿಗೊಳಿಸಲಾಗಿದ್ದು, ಶಾಲಾ-ಕಾಲೇಜು ಆವರಣಗಳ ಬಳಿ ಮಾದಕ ವಸ್ತು ಮಾರಾಟ ತಡೆಗೆ ವಿಶೇಷ ತಂಡಗಳನ್ನು ರಚಿಸಲಾಗಿದೆ.
ದ್ವಿತೀಯ ಪಿಯು ಪೂರಕ ಪರೀಕ್ಷೆ
ಬೇಗನೆ ಹಾಜರಾಗಬೇಕು. ಪರೀಕ್ಷಾ ಕೇಂದ್ರದಲ್ಲಿ ಸಾಮಾಜಿಕ ಅಂತರ ಕಾಯ್ದುಕೊಳ್ಳುವುದು ಹಾಗೂ ಮಾಸ್ಕ್ ಧರಿಸುವುದು ಕಡ್ಡಾಯ. ಜ್ವರ, ಕೆಮ್ಮು ಲಕ್ಷಣ ಇರುವ ವಿದ್ಯಾರ್ಥಿಗಳಿಗೆ ಪ್ರತ್ಯೇಕ ಕೊಠಡಿ ವ್ಯವಸ್ಥೆ ಮಾಡಲಾಗಿದೆ. ಪರೀಕ್ಷಾ ಕೇಂದ್ರಗಳ ಸುತ್ತ 200 ಮೀಟರ್ ವ್ಯಾಪ್ತಿಯಲ್ಲಿ ನಿಷೇಧಾಜ್ಞೆ ಜಾರಿಗೊಳಿಸಲಾಗಿದ್ದು, ಜೆರಾಕ್ಸ್ ಅಂಗಡಿಗಳನ್ನು ಮುಚ್ಚುವಂತೆ ಆದೇಶಿಸಲಾಗಿದೆ ಎಂದು ಪದವಿ ಪೂರ್ವ ಶಿಕ್ಷಣ ಇಲಾಖೆ ಉಪನಿರ್ದೇಶಕರು ತಿಳಿಸಿದ್ದಾರೆ.
ದಕ್ಷಿಣ ಆಫ್ರಿಕಾ ಪ್ರಜೆ ಬಂಧನ
ಆಫ್ರಿಕಾದ ಪ್ರಜೆಯನ್ನು ಆವರನ್ನು ಬಂಧಿಸಿ ಪೊಲೀಸರು ವಿಚಾರಣೆ ನಡೆಸುತ್ತಿದ್ದಾರೆ. ರಾಜ್ಯದ ವಿವಿಧೆಡೆ ನಡೆಯುತ್ತಿದ್ದ ಪಾರ್ಟಿಗಳಿಗೆ ಡ್ರಗ್ಸ್ ಪೂರೈಕೆ ಮಾಡುತ್ತಿದ್ದ ಜಾಲದ ಬಗ್ಗೆ ಮಾಹಿತಿ ಸಂಗ್ರಹಿಸಲಾಗುತ್ತಿದೆ. ಆರೋಪಿಯಿಂದ ಅಪಾರ ಪ್ರಮಾಣದ ಮಾದಕ ವಸ್ತು ವಶಪಡಿಸಿಕೊಳ್ಳಲಾಗಿದೆ. ವೀಸಾ ಅವಧಿ ಮುಗಿದ ನಂತರವೂ ಅಕ್ರಮವಾಗಿ ನೆಲೆಸಿದ್ದ ವಿದೇಶಿಯರ ವಿರುದ್ಧ ಪ್ರಕರಣ ದಾಖಲಿಸಲಾಗಿದೆ ಎಂದು ಪೊಲೀಸರು ತಿಳಿಸಿದ್ದಾರೆ.
ಮೂವರ ಸೆರೆ
ಇಲ್ಲ ಎಂದಿದ್ದಾರೆ. ಪಕ್ಷದಲ್ಲಿ ಪದಾಧಿಕಾರಿಯಾಗಿ ಇದ್ದು ಬಳಿಕ ಯಾವುದೇ ಸಂಬಂಧ ಇಲ್ಲ ಎಂದು ಸ್ಪಷ್ಟನೆ ನೀಡಿದ್ದಾರೆ. ಈ ವಿಷಯ ಸಂಬಂಧ ಬಗ್ಗೆ ವಿಚಾರಣೆ ನಡೆಸಲಾಗುತ್ತಿದೆ. ಆರೋಪಿಗಳ ಮೊಬೈಲ್ ಫೋನ್‌ಗಳನ್ನು ವಶಕ್ಕೆ ಪಡೆದು ಪರಿಶೀಲಿಸಲಾಗುತ್ತಿದ್ದು, ಅವರ ಸಂಪರ್ಕದಲ್ಲಿದ್ದವರ ಬಗ್ಗೆ ಮಾಹಿತಿ ಕಲೆಹಾಕಲಾಗುತ್ತಿದೆ. ಡ್ರಗ್ಸ್ ಪೂರೈಕೆ ಜಾಲದಲ್ಲಿ ಇನ್ನೂ ಹಲವರು ಭಾಗಿಯಾಗಿರುವ ಶಂಕೆ ವ್ಯಕ್ತವಾಗಿದ್ದು, ಶೀಘ್ರದಲ್ಲೇ ಅವರನ್ನೂ ಬಂಧಿಸಲಾಗುವುದು. ಪ್ರಕರಣದ ತನಿಖೆ ಮುಂದುವರಿದಿದ್ದು, ಎಲ್ಲಾ ಆಯಾಮಗಳಲ್ಲಿ ಪರಿಶೀಲನೆ ನಡೆಸಲಾಗುತ್ತಿದೆ ಎಂದು ಅಧಿಕಾರಿಗಳು ಮಾಹಿತಿ ನೀಡಿದ್ದಾರೆ. ಬಂಧಿತರನ್ನು ನ್ಯಾಯಾಲಯಕ್ಕೆ ಹಾಜರುಪಡಿಸಲಾಗಿದ್ದು, ಹೆಚ್ಚಿನ ವಿಚಾರಣೆಗಾಗಿ ಪೊಲೀಸ್ ವಶಕ್ಕೆ ನೀಡಲಾಗಿದೆ.
